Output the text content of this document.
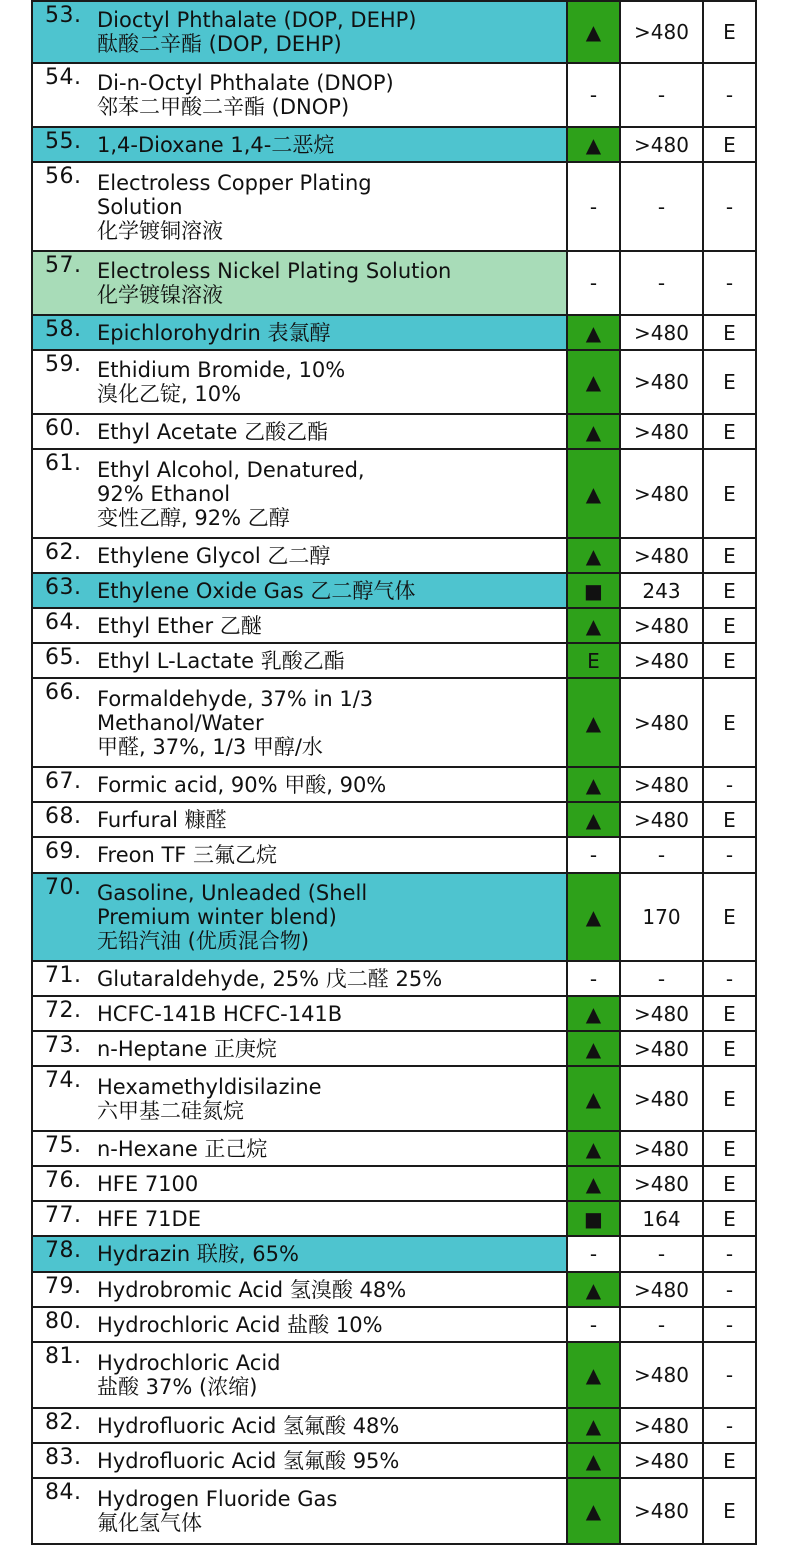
53. Dioctyl Phthalate (DOP, DEHP)
酞酸二辛酯 (DOP, DEHP)	▲	>480	E

54. Di-n-Octyl Phthalate (DNOP)
邻苯二甲酸二辛酯 (DNOP)	-	-	-

55. 1,4-Dioxane 1,4-二恶烷	▲	>480	E

56. Electroless Copper Plating
Solution
化学镀铜溶液	-	-	-

57. Electroless Nickel Plating Solution
化学镀镍溶液	-	-	-

58. Epichlorohydrin 表氯醇	▲	>480	E

59. Ethidium Bromide, 10%
溴化乙锭, 10%	▲	>480	E

60. Ethyl Acetate 乙酸乙酯	▲	>480	E

61. Ethyl Alcohol, Denatured,
92% Ethanol
变性乙醇, 92% 乙醇	▲	>480	E

62. Ethylene Glycol 乙二醇	▲	>480	E

63. Ethylene Oxide Gas 乙二醇气体	■	243	E

64. Ethyl Ether 乙醚	▲	>480	E

65. Ethyl L-Lactate 乳酸乙酯	E	>480	E

66. Formaldehyde, 37% in 1/3
Methanol/Water
甲醛, 37%, 1/3 甲醇/水	▲	>480	E

67. Formic acid, 90% 甲酸, 90%	▲	>480	-

68. Furfural 糠醛	▲	>480	E

69. Freon TF 三氟乙烷	-	-	-

70. Gasoline, Unleaded (Shell
Premium winter blend)
无铅汽油 (优质混合物)	▲	170	E

71. Glutaraldehyde, 25% 戊二醛 25%	-	-	-

72. HCFC-141B HCFC-141B	▲	>480	E

73. n-Heptane 正庚烷	▲	>480	E

74. Hexamethyldisilazine
六甲基二硅氮烷	▲	>480	E

75. n-Hexane 正己烷	▲	>480	E

76. HFE 7100	▲	>480	E

77. HFE 71DE	■	164	E

78. Hydrazin 联胺, 65%	-	-	-

79. Hydrobromic Acid 氢溴酸 48%	▲	>480	-

80. Hydrochloric Acid 盐酸 10%	-	-	-

81. Hydrochloric Acid
盐酸 37% (浓缩)	▲	>480	-

82. Hydrofluoric Acid 氢氟酸 48%	▲	>480	-

83. Hydrofluoric Acid 氢氟酸 95%	▲	>480	E

84. Hydrogen Fluoride Gas
氟化氢气体	▲	>480	E
